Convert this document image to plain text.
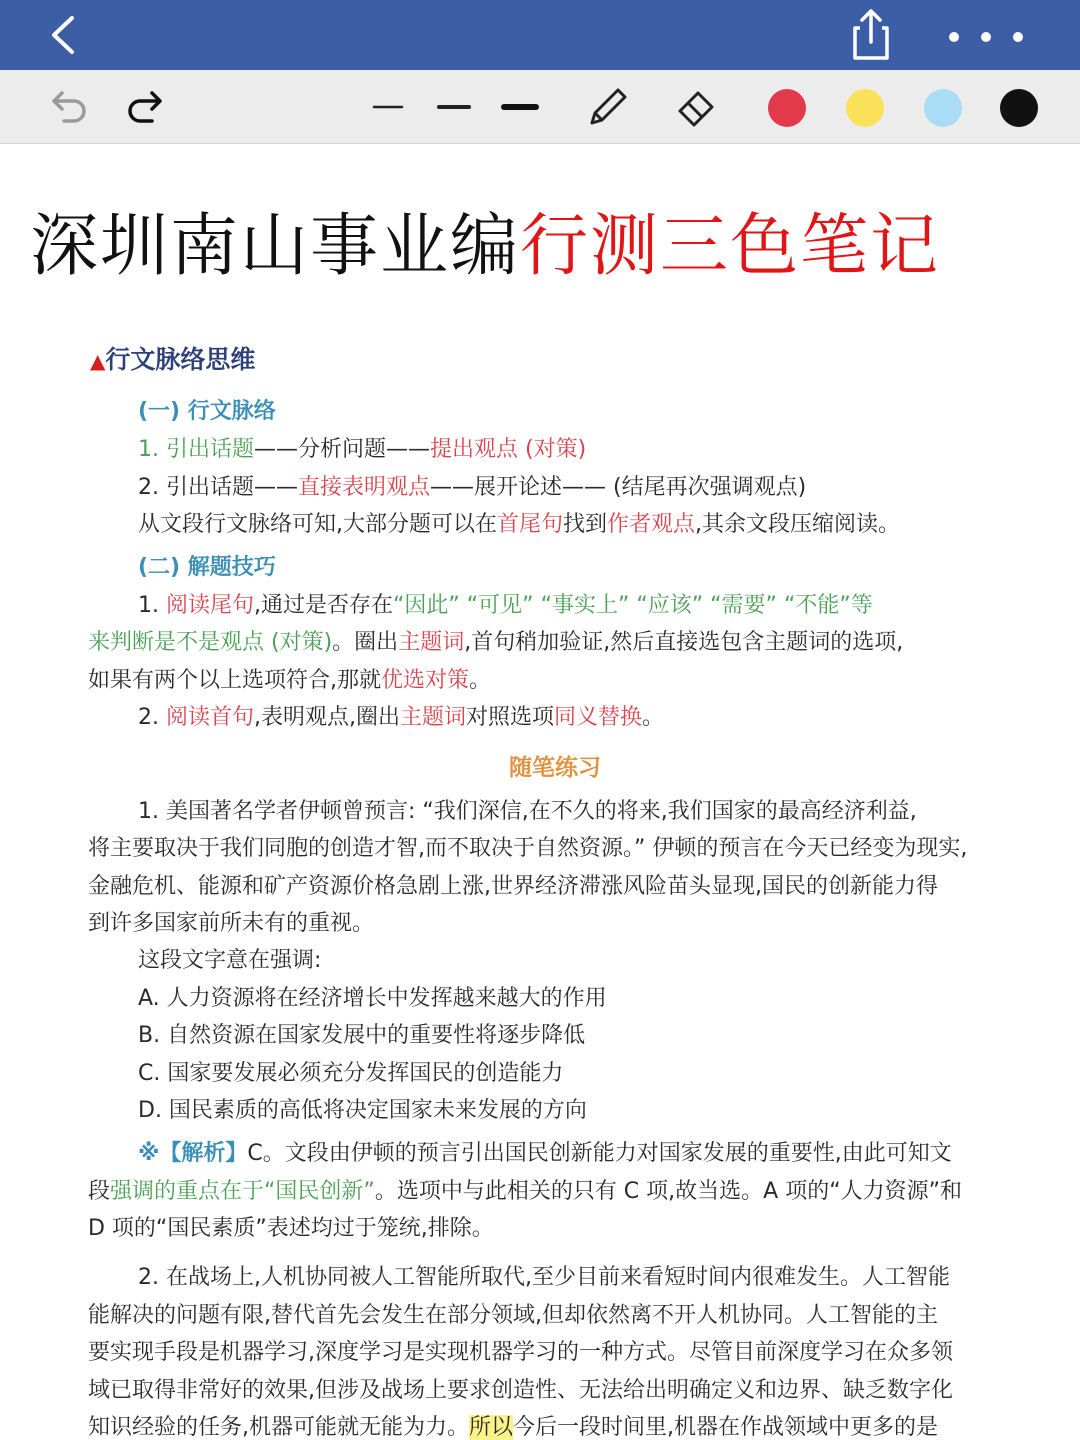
深圳南山事业编行测三色笔记
▲行文脉络思维
(一) 行文脉络
1. 引出话题——分析问题——提出观点 (对策)
2. 引出话题——直接表明观点——展开论述—— (结尾再次强调观点)
从文段行文脉络可知,大部分题可以在首尾句找到作者观点,其余文段压缩阅读。
(二) 解题技巧
1. 阅读尾句,通过是否存在“因此” “可见” “事实上” “应该” “需要” “不能”等
来判断是不是观点 (对策)。圈出主题词,首句稍加验证,然后直接选包含主题词的选项,
如果有两个以上选项符合,那就优选对策。
2. 阅读首句,表明观点,圈出主题词对照选项同义替换。
随笔练习
1. 美国著名学者伊顿曾预言: “我们深信,在不久的将来,我们国家的最高经济利益,
将主要取决于我们同胞的创造才智,而不取决于自然资源。” 伊顿的预言在今天已经变为现实,
金融危机、能源和矿产资源价格急剧上涨,世界经济滞涨风险苗头显现,国民的创新能力得
到许多国家前所未有的重视。
这段文字意在强调:
A. 人力资源将在经济增长中发挥越来越大的作用
B. 自然资源在国家发展中的重要性将逐步降低
C. 国家要发展必须充分发挥国民的创造能力
D. 国民素质的高低将决定国家未来发展的方向
※【解析】C。文段由伊顿的预言引出国民创新能力对国家发展的重要性,由此可知文
段强调的重点在于“国民创新”。选项中与此相关的只有 C 项,故当选。A 项的“人力资源”和
D 项的“国民素质”表述均过于笼统,排除。
2. 在战场上,人机协同被人工智能所取代,至少目前来看短时间内很难发生。人工智能
能解决的问题有限,替代首先会发生在部分领域,但却依然离不开人机协同。人工智能的主
要实现手段是机器学习,深度学习是实现机器学习的一种方式。尽管目前深度学习在众多领
域已取得非常好的效果,但涉及战场上要求创造性、无法给出明确定义和边界、缺乏数字化
知识经验的任务,机器可能就无能为力。所以今后一段时间里,机器在作战领域中更多的是
